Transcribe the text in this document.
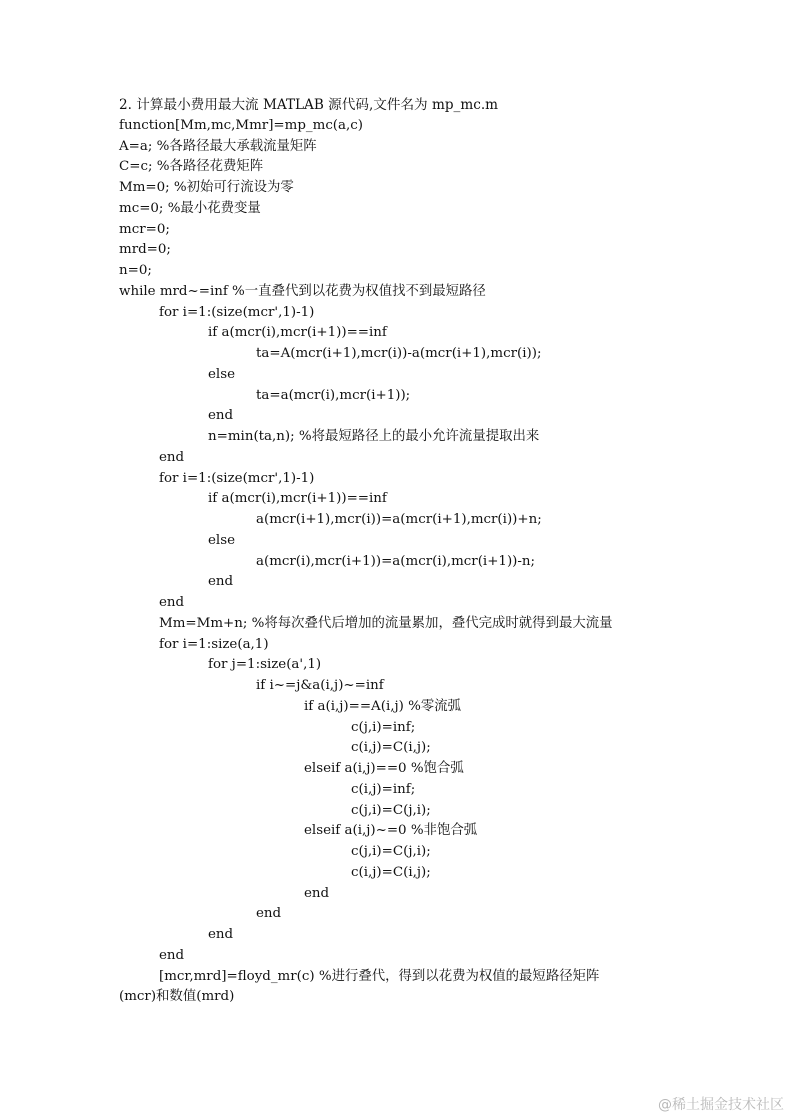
2. 计算最小费用最大流 MATLAB 源代码,文件名为 mp_mc.m
function[Mm,mc,Mmr]=mp_mc(a,c)
A=a; %各路径最大承载流量矩阵
C=c; %各路径花费矩阵
Mm=0; %初始可行流设为零
mc=0; %最小花费变量
mcr=0;
mrd=0;
n=0;
while mrd~=inf %一直叠代到以花费为权值找不到最短路径
for i=1:(size(mcr',1)-1)
if a(mcr(i),mcr(i+1))==inf
ta=A(mcr(i+1),mcr(i))-a(mcr(i+1),mcr(i));
else
ta=a(mcr(i),mcr(i+1));
end
n=min(ta,n); %将最短路径上的最小允许流量提取出来
end
for i=1:(size(mcr',1)-1)
if a(mcr(i),mcr(i+1))==inf
a(mcr(i+1),mcr(i))=a(mcr(i+1),mcr(i))+n;
else
a(mcr(i),mcr(i+1))=a(mcr(i),mcr(i+1))-n;
end
end
Mm=Mm+n; %将每次叠代后增加的流量累加，叠代完成时就得到最大流量
for i=1:size(a,1)
for j=1:size(a',1)
if i~=j&a(i,j)~=inf
if a(i,j)==A(i,j) %零流弧
c(j,i)=inf;
c(i,j)=C(i,j);
elseif a(i,j)==0 %饱合弧
c(i,j)=inf;
c(j,i)=C(j,i);
elseif a(i,j)~=0 %非饱合弧
c(j,i)=C(j,i);
c(i,j)=C(i,j);
end
end
end
end
[mcr,mrd]=floyd_mr(c) %进行叠代，得到以花费为权值的最短路径矩阵
(mcr)和数值(mrd)
@稀土掘金技术社区
